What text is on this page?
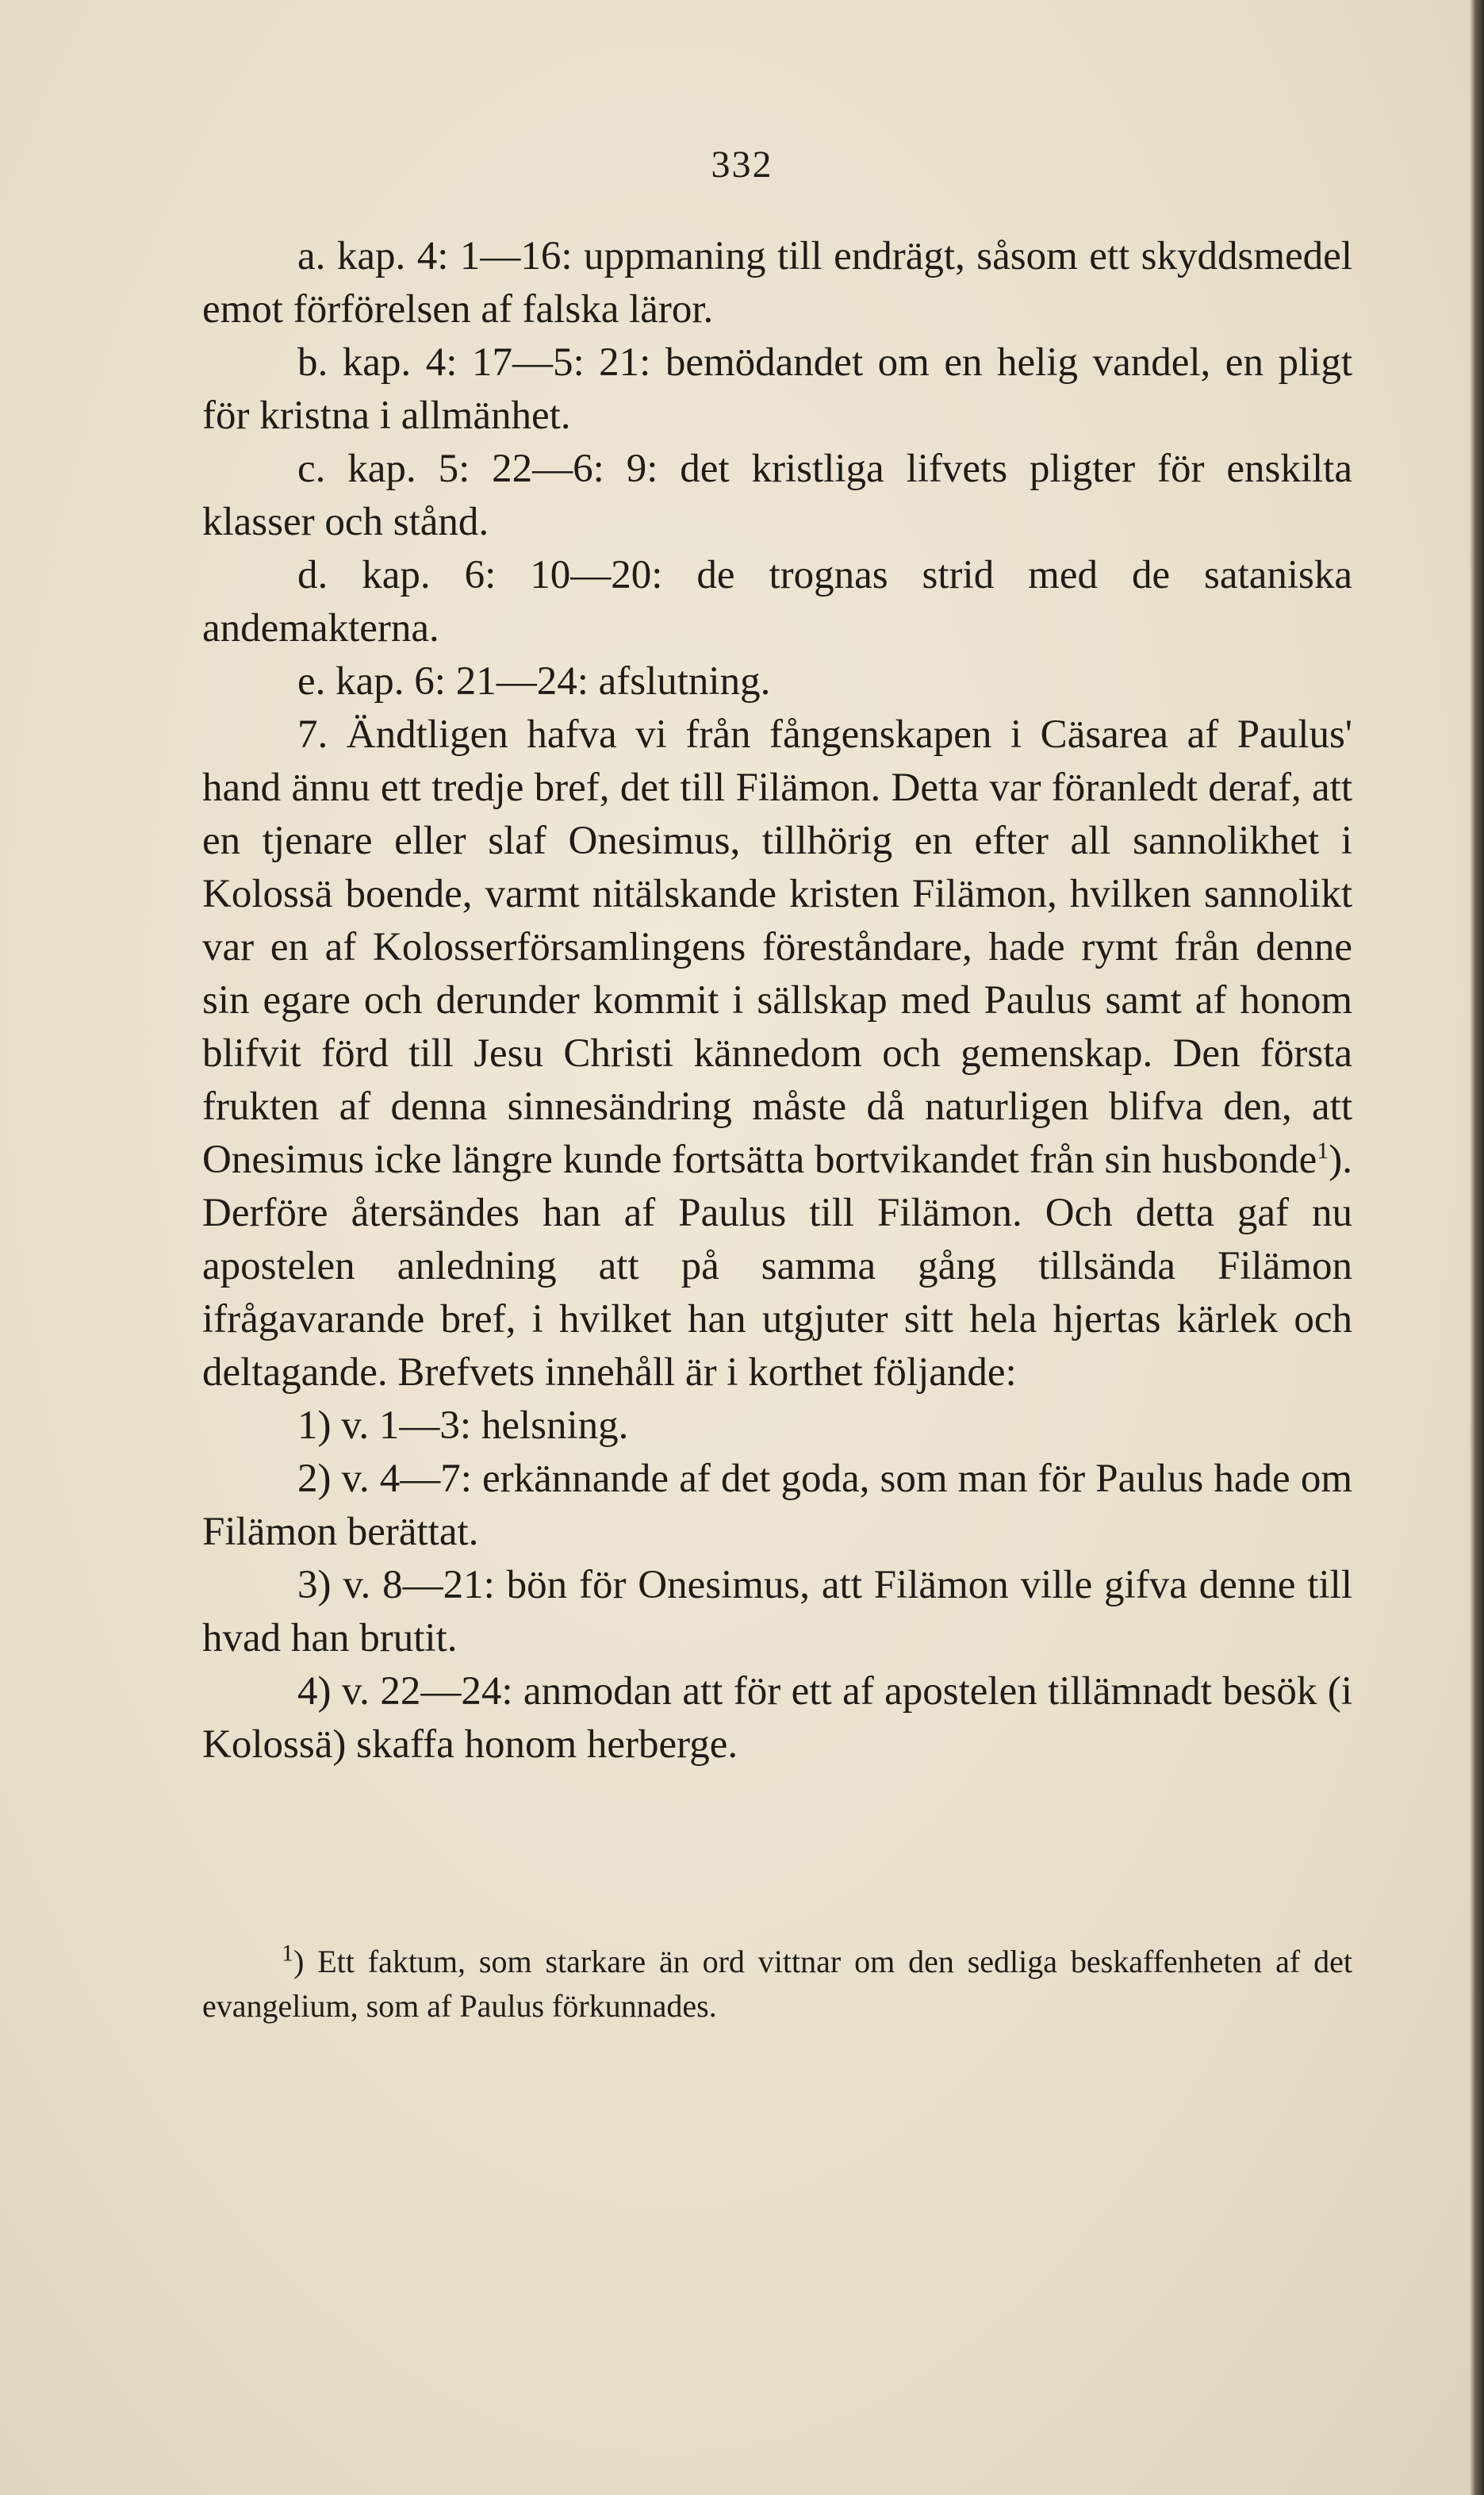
332

a. kap. 4: 1—16: uppmaning till endrägt, såsom ett skyddsmedel emot förförelsen af falska läror.

b. kap. 4: 17—5: 21: bemödandet om en helig vandel, en pligt för kristna i allmänhet.

c. kap. 5: 22—6: 9: det kristliga lifvets pligter för enskilta klasser och stånd.

d. kap. 6: 10—20: de trognas strid med de sataniska andemakterna.

e. kap. 6: 21—24: afslutning.

7. Ändtligen hafva vi från fångenskapen i Cäsarea af Paulus' hand ännu ett tredje bref, det till Filämon. Detta var föranledt deraf, att en tjenare eller slaf Onesimus, tillhörig en efter all sannolikhet i Kolossä boende, varmt nitälskande kristen Filämon, hvilken sannolikt var en af Kolosserförsamlingens föreståndare, hade rymt från denne sin egare och derunder kommit i sällskap med Paulus samt af honom blifvit förd till Jesu Christi kännedom och gemenskap. Den första frukten af denna sinnesändring måste då naturligen blifva den, att Onesimus icke längre kunde fortsätta bortvikandet från sin husbonde$^1$). Derföre återsändes han af Paulus till Filämon. Och detta gaf nu apostelen anledning att på samma gång tillsända Filämon ifrågavarande bref, i hvilket han utgjuter sitt hela hjertas kärlek och deltagande. Brefvets innehåll är i korthet följande:

1) v. 1—3: helsning.

2) v. 4—7: erkännande af det goda, som man för Paulus hade om Filämon berättat.

3) v. 8—21: bön för Onesimus, att Filämon ville gifva denne till hvad han brutit.

4) v. 22—24: anmodan att för ett af apostelen tillämnadt besök (i Kolossä) skaffa honom herberge.

$^1$) Ett faktum, som starkare än ord vittnar om den sedliga beskaffenheten af det evangelium, som af Paulus förkunnades.
